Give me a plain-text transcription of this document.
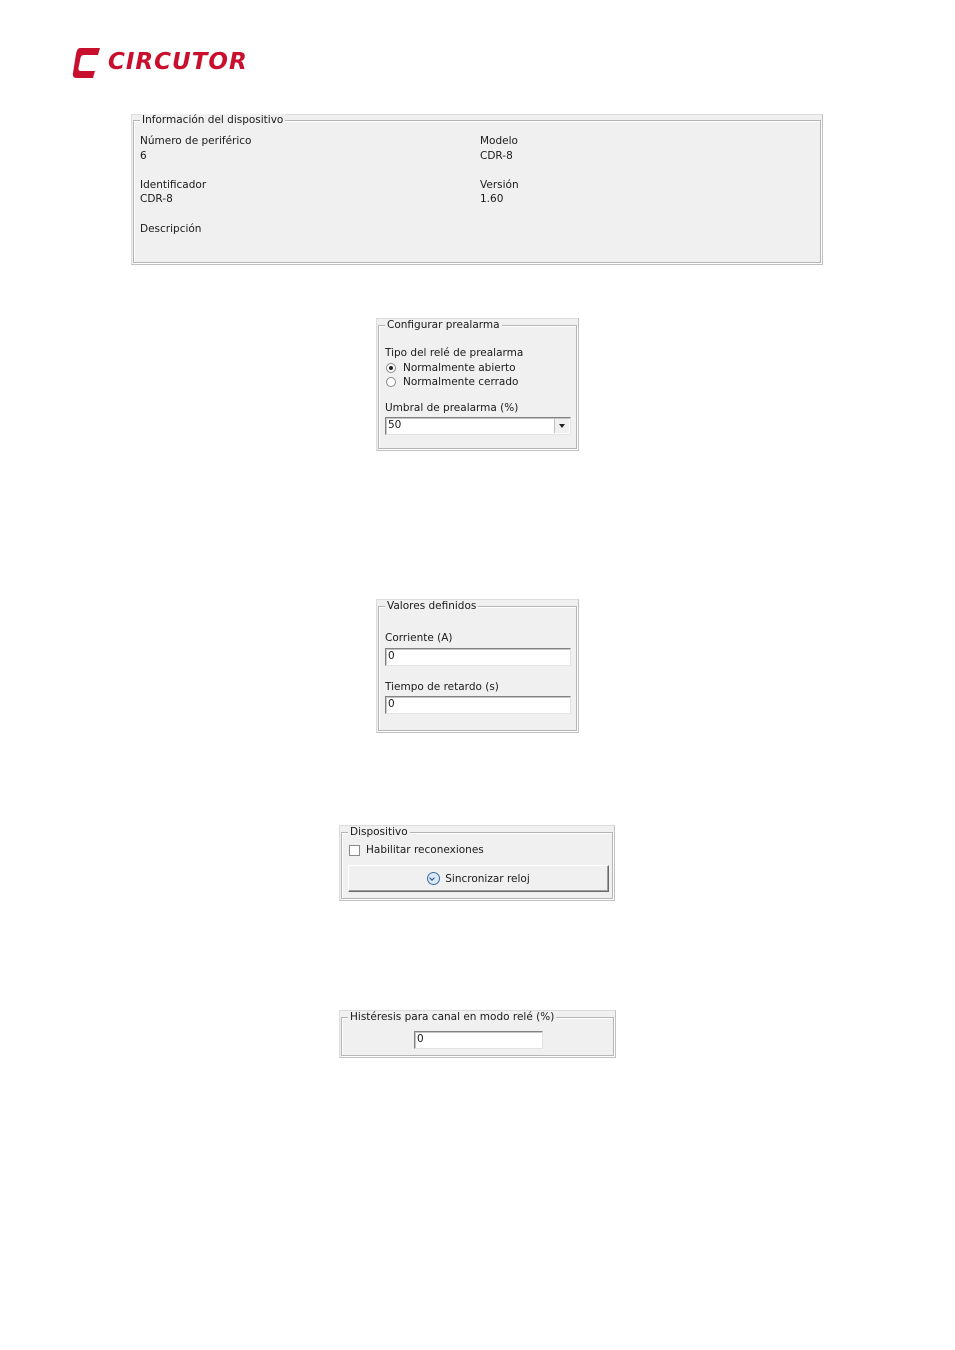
CIRCUTOR
Información del dispositivo
Número de periférico
6
Modelo
CDR-8
Identificador
CDR-8
Versión
1.60
Descripción
Configurar prealarma
Tipo del relé de prealarma
Normalmente abierto
Normalmente cerrado
Umbral de prealarma (%)
50
Valores definidos
Corriente (A)
0
Tiempo de retardo (s)
0
Dispositivo
Habilitar reconexiones
Sincronizar reloj
Histéresis para canal en modo relé (%)
0
